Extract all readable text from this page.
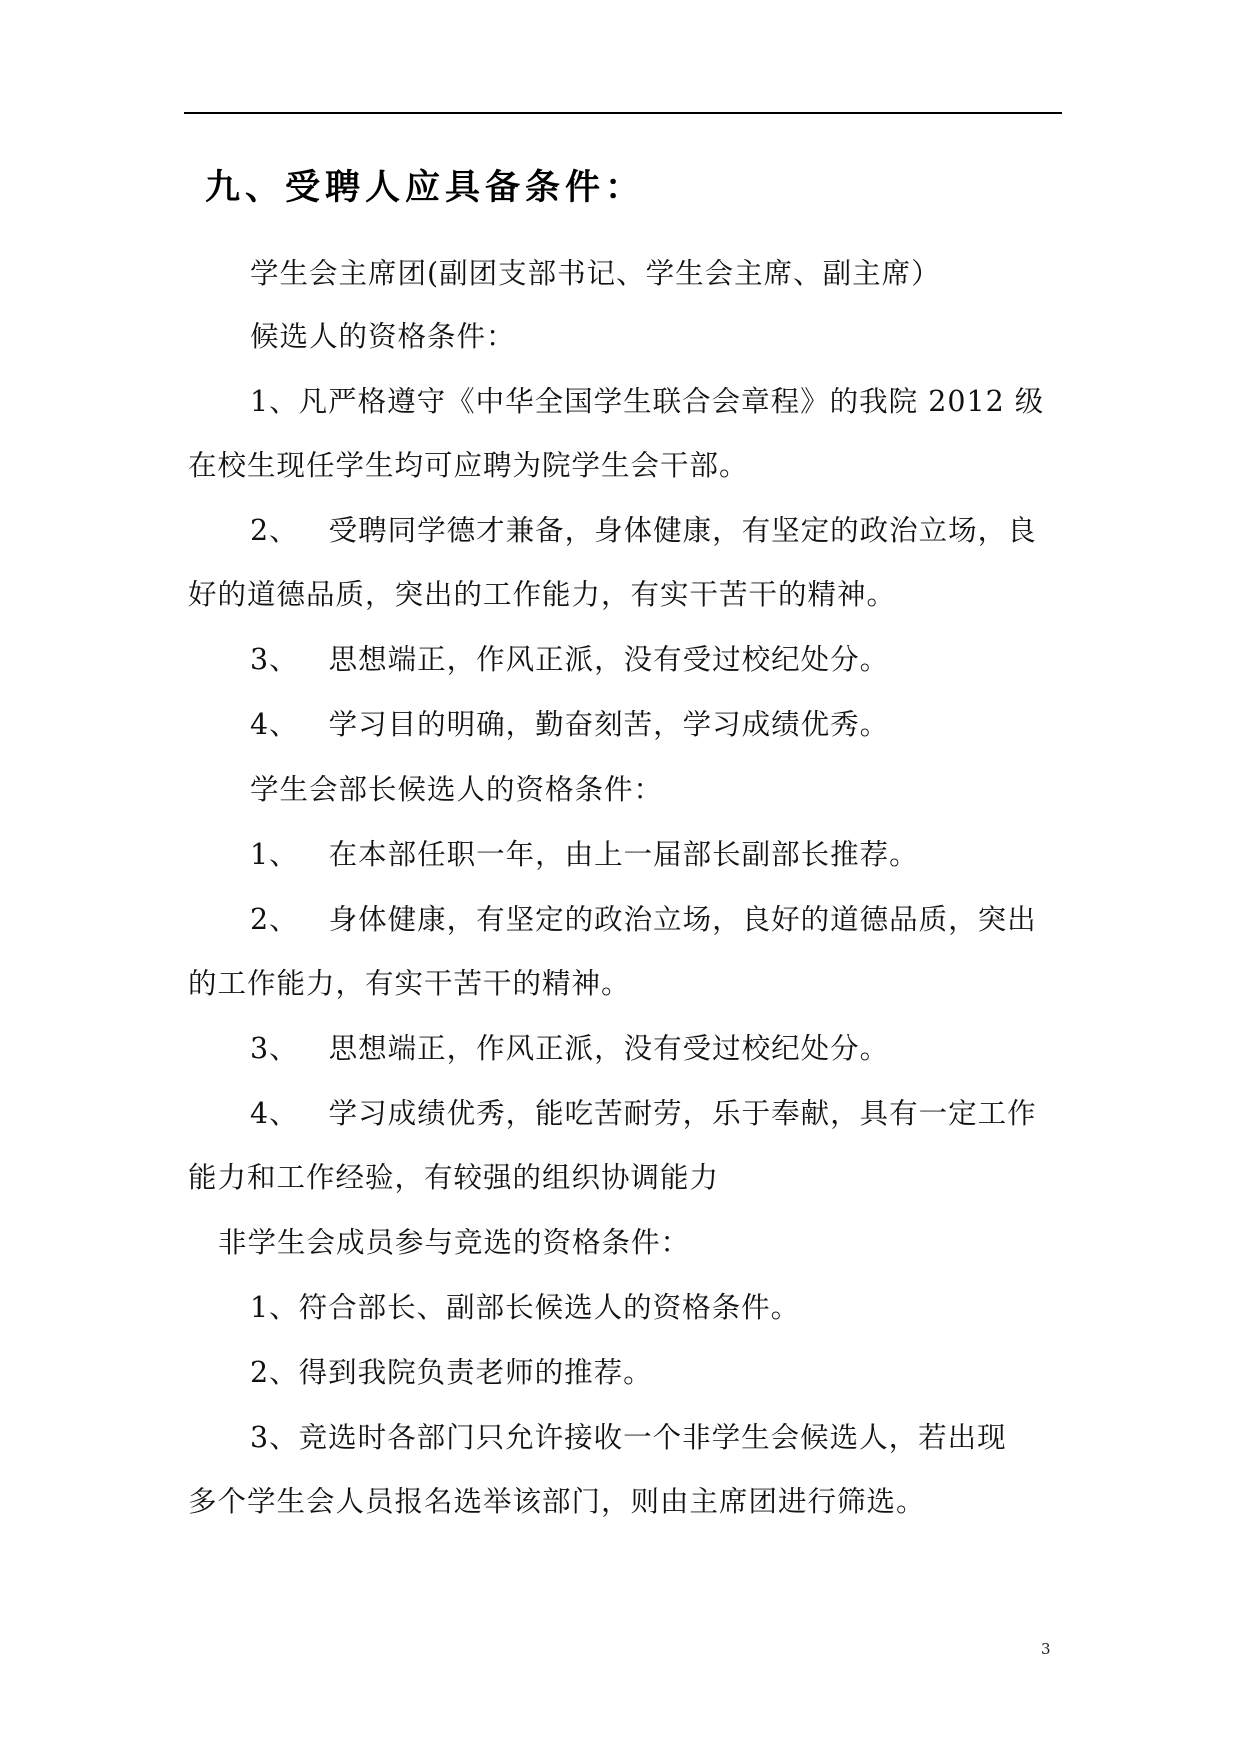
九、受聘人应具备条件：
学生会主席团(副团支部书记、学生会主席、副主席）
候选人的资格条件：
1、凡严格遵守《中华全国学生联合会章程》的我院 2012 级
在校生现任学生均可应聘为院学生会干部。
2、 受聘同学德才兼备，身体健康，有坚定的政治立场，良
好的道德品质，突出的工作能力，有实干苦干的精神。
3、 思想端正，作风正派，没有受过校纪处分。
4、 学习目的明确，勤奋刻苦，学习成绩优秀。
学生会部长候选人的资格条件：
1、 在本部任职一年，由上一届部长副部长推荐。
2、 身体健康，有坚定的政治立场，良好的道德品质，突出
的工作能力，有实干苦干的精神。
3、 思想端正，作风正派，没有受过校纪处分。
4、 学习成绩优秀，能吃苦耐劳，乐于奉献，具有一定工作
能力和工作经验，有较强的组织协调能力
非学生会成员参与竞选的资格条件：
1、符合部长、副部长候选人的资格条件。
2、得到我院负责老师的推荐。
3、竞选时各部门只允许接收一个非学生会候选人，若出现
多个学生会人员报名选举该部门，则由主席团进行筛选。
3
